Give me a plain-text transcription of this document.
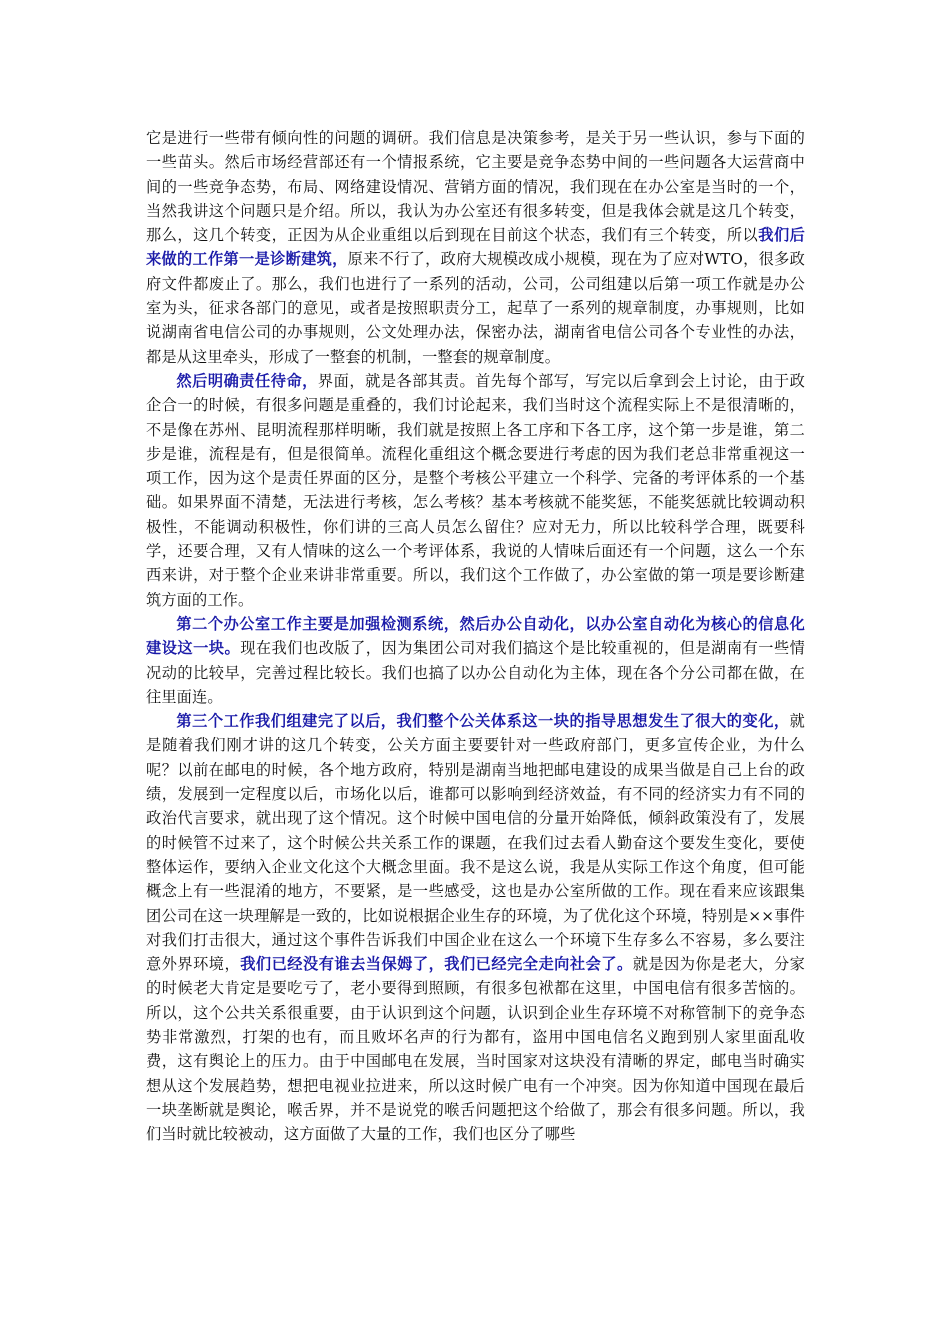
它是进行一些带有倾向性的问题的调研。我们信息是决策参考，是关于另一些认识，参与下面的一些苗头。然后市场经营部还有一个情报系统，它主要是竞争态势中间的一些问题各大运营商中间的一些竞争态势，布局、网络建设情况、营销方面的情况，我们现在在办公室是当时的一个，当然我讲这个问题只是介绍。所以，我认为办公室还有很多转变，但是我体会就是这几个转变，那么，这几个转变，正因为从企业重组以后到现在目前这个状态，我们有三个转变，所以我们后来做的工作第一是诊断建筑，原来不行了，政府大规模改成小规模，现在为了应对WTO，很多政府文件都废止了。那么，我们也进行了一系列的活动，公司，公司组建以后第一项工作就是办公室为头，征求各部门的意见，或者是按照职责分工，起草了一系列的规章制度，办事规则，比如说湖南省电信公司的办事规则，公文处理办法，保密办法，湖南省电信公司各个专业性的办法，都是从这里牵头，形成了一整套的机制，一整套的规章制度。

然后明确责任待命，界面，就是各部其责。首先每个部写，写完以后拿到会上讨论，由于政企合一的时候，有很多问题是重叠的，我们讨论起来，我们当时这个流程实际上不是很清晰的，不是像在苏州、昆明流程那样明晰，我们就是按照上各工序和下各工序，这个第一步是谁，第二步是谁，流程是有，但是很简单。流程化重组这个概念要进行考虑的因为我们老总非常重视这一项工作，因为这个是责任界面的区分，是整个考核公平建立一个科学、完备的考评体系的一个基础。如果界面不清楚，无法进行考核，怎么考核？基本考核就不能奖惩，不能奖惩就比较调动积极性，不能调动积极性，你们讲的三高人员怎么留住？应对无力，所以比较科学合理，既要科学，还要合理，又有人情味的这么一个考评体系，我说的人情味后面还有一个问题，这么一个东西来讲，对于整个企业来讲非常重要。所以，我们这个工作做了，办公室做的第一项是要诊断建筑方面的工作。

第二个办公室工作主要是加强检测系统，然后办公自动化，以办公室自动化为核心的信息化建设这一块。现在我们也改版了，因为集团公司对我们搞这个是比较重视的，但是湖南有一些情况动的比较早，完善过程比较长。我们也搞了以办公自动化为主体，现在各个分公司都在做，在往里面连。

第三个工作我们组建完了以后，我们整个公关体系这一块的指导思想发生了很大的变化，就是随着我们刚才讲的这几个转变，公关方面主要要针对一些政府部门，更多宣传企业，为什么呢？以前在邮电的时候，各个地方政府，特别是湖南当地把邮电建设的成果当做是自己上台的政绩，发展到一定程度以后，市场化以后，谁都可以影响到经济效益，有不同的经济实力有不同的政治代言要求，就出现了这个情况。这个时候中国电信的分量开始降低，倾斜政策没有了，发展的时候管不过来了，这个时候公共关系工作的课题，在我们过去看人勤奋这个要发生变化，要使整体运作，要纳入企业文化这个大概念里面。我不是这么说，我是从实际工作这个角度，但可能概念上有一些混淆的地方，不要紧，是一些感受，这也是办公室所做的工作。现在看来应该跟集团公司在这一块理解是一致的，比如说根据企业生存的环境，为了优化这个环境，特别是××事件对我们打击很大，通过这个事件告诉我们中国企业在这么一个环境下生存多么不容易，多么要注意外界环境，我们已经没有谁去当保姆了，我们已经完全走向社会了。就是因为你是老大，分家的时候老大肯定是要吃亏了，老小要得到照顾，有很多包袱都在这里，中国电信有很多苦恼的。所以，这个公共关系很重要，由于认识到这个问题，认识到企业生存环境不对称管制下的竞争态势非常激烈，打架的也有，而且败坏名声的行为都有，盗用中国电信名义跑到别人家里面乱收费，这有舆论上的压力。由于中国邮电在发展，当时国家对这块没有清晰的界定，邮电当时确实想从这个发展趋势，想把电视业拉进来，所以这时候广电有一个冲突。因为你知道中国现在最后一块垄断就是舆论，喉舌界，并不是说党的喉舌问题把这个给做了，那会有很多问题。所以，我们当时就比较被动，这方面做了大量的工作，我们也区分了哪些
